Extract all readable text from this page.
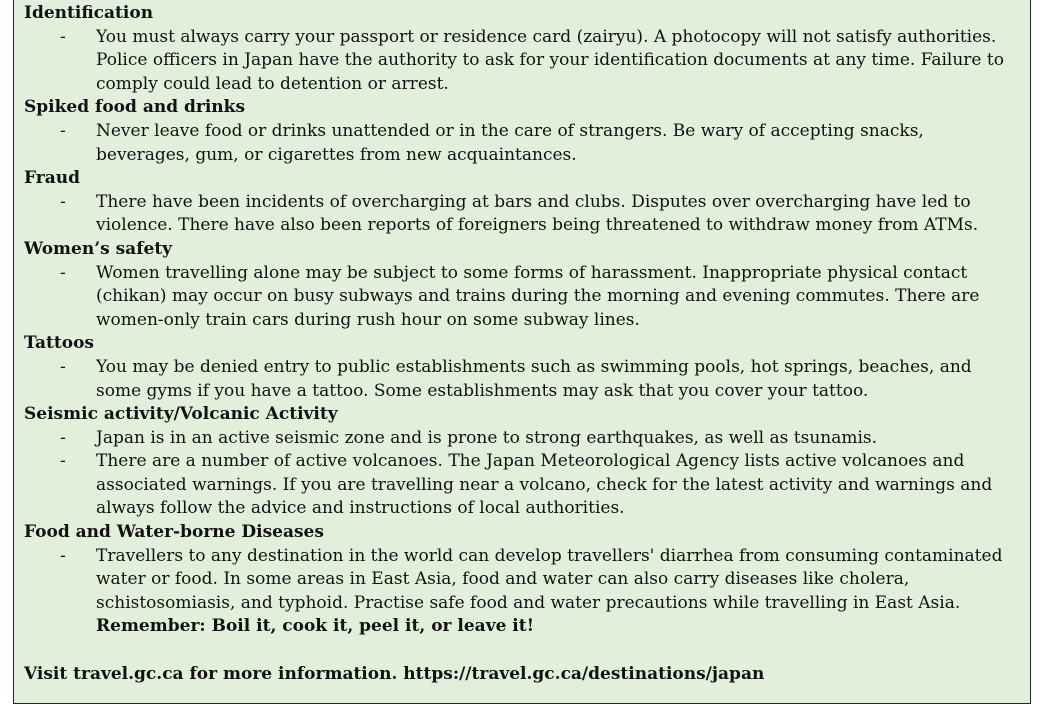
Identification

- You must always carry your passport or residence card (zairyu). A photocopy will not satisfy authorities. Police officers in Japan have the authority to ask for your identification documents at any time. Failure to comply could lead to detention or arrest.

Spiked food and drinks

- Never leave food or drinks unattended or in the care of strangers. Be wary of accepting snacks, beverages, gum, or cigarettes from new acquaintances.

Fraud

- There have been incidents of overcharging at bars and clubs. Disputes over overcharging have led to violence. There have also been reports of foreigners being threatened to withdraw money from ATMs.

Women’s safety

- Women travelling alone may be subject to some forms of harassment. Inappropriate physical contact (chikan) may occur on busy subways and trains during the morning and evening commutes. There are women-only train cars during rush hour on some subway lines.

Tattoos

- You may be denied entry to public establishments such as swimming pools, hot springs, beaches, and some gyms if you have a tattoo. Some establishments may ask that you cover your tattoo.

Seismic activity/Volcanic Activity

- Japan is in an active seismic zone and is prone to strong earthquakes, as well as tsunamis.

- There are a number of active volcanoes. The Japan Meteorological Agency lists active volcanoes and associated warnings. If you are travelling near a volcano, check for the latest activity and warnings and always follow the advice and instructions of local authorities.

Food and Water-borne Diseases

- Travellers to any destination in the world can develop travellers' diarrhea from consuming contaminated water or food. In some areas in East Asia, food and water can also carry diseases like cholera, schistosomiasis, and typhoid. Practise safe food and water precautions while travelling in East Asia.

Remember: Boil it, cook it, peel it, or leave it!

Visit travel.gc.ca for more information. https://travel.gc.ca/destinations/japan
